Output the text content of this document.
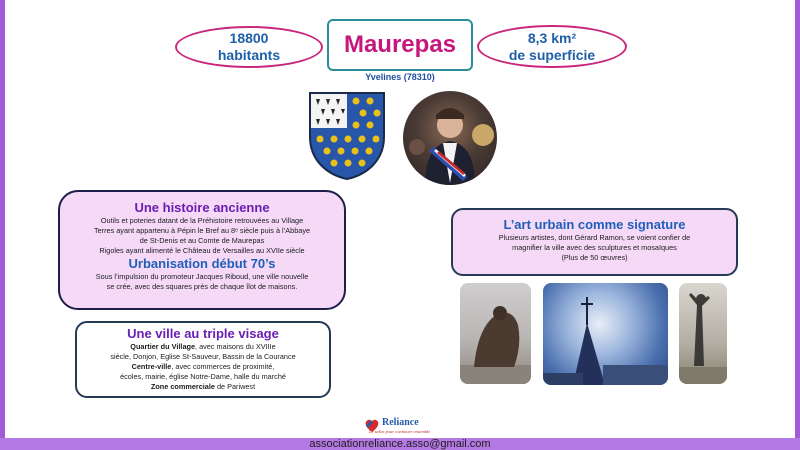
18800
habitants	Maurepas	8,3 km²
de superficie
Yvelines (78310)
Une histoire ancienne
Outils et poteries datant de la Préhistoire retrouvées au Village
Terres ayant appartenu à Pépin le Bref au 8ᵉ siècle puis à l’Abbaye
de St-Denis et au Comte de Maurepas
Rigoles ayant alimenté le Château de Versailles au XVIIe siècle
Urbanisation début 70’s
Sous l’impulsion du promoteur Jacques Riboud, une ville nouvelle
se crée, avec des squares près de chaque îlot de maisons.
Une ville au triple visage
Quartier du Village, avec maisons du XVIIIe
siècle, Donjon, Eglise St-Sauveur, Bassin de la Courance
Centre-ville, avec commerces de proximité,
écoles, mairie, église Notre-Dame, halle du marché
Zone commerciale de Pariwest
L’art urbain comme signature
Plusieurs artistes, dont Gérard Ramon, se voient confier de
magnifier la ville avec des sculptures et mosaïques
(Plus de 50 œuvres)
Reliance
Le salon pour continuer ensemble
associationreliance.asso@gmail.com
